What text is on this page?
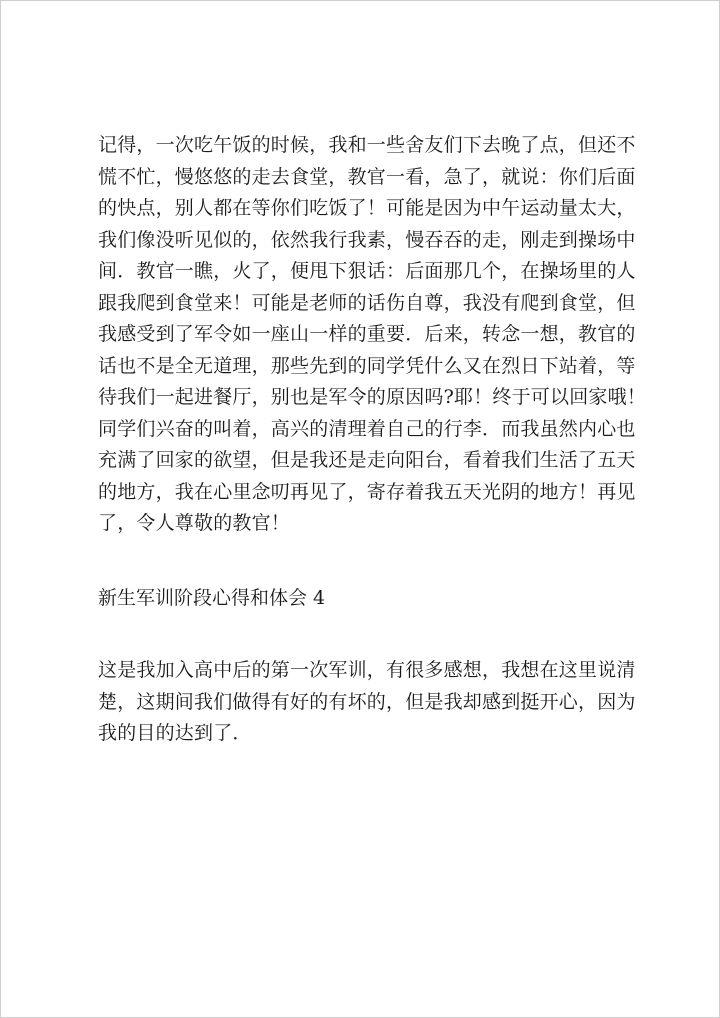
记得，一次吃午饭的时候，我和一些舍友们下去晚了点，但还不
慌不忙，慢悠悠的走去食堂，教官一看，急了，就说：你们后面
的快点，别人都在等你们吃饭了！可能是因为中午运动量太大，
我们像没听见似的，依然我行我素，慢吞吞的走，刚走到操场中
间．教官一瞧，火了，便甩下狠话：后面那几个，在操场里的人
跟我爬到食堂来！可能是老师的话伤自尊，我没有爬到食堂，但
我感受到了军令如一座山一样的重要．后来，转念一想，教官的
话也不是全无道理，那些先到的同学凭什么又在烈日下站着，等
待我们一起进餐厅，别也是军令的原因吗?耶！终于可以回家哦！
同学们兴奋的叫着，高兴的清理着自己的行李．而我虽然内心也
充满了回家的欲望，但是我还是走向阳台，看着我们生活了五天
的地方，我在心里念叨再见了，寄存着我五天光阴的地方！再见
了，令人尊敬的教官！
新生军训阶段心得和体会 4
这是我加入高中后的第一次军训，有很多感想，我想在这里说清
楚，这期间我们做得有好的有坏的，但是我却感到挺开心，因为
我的目的达到了．
